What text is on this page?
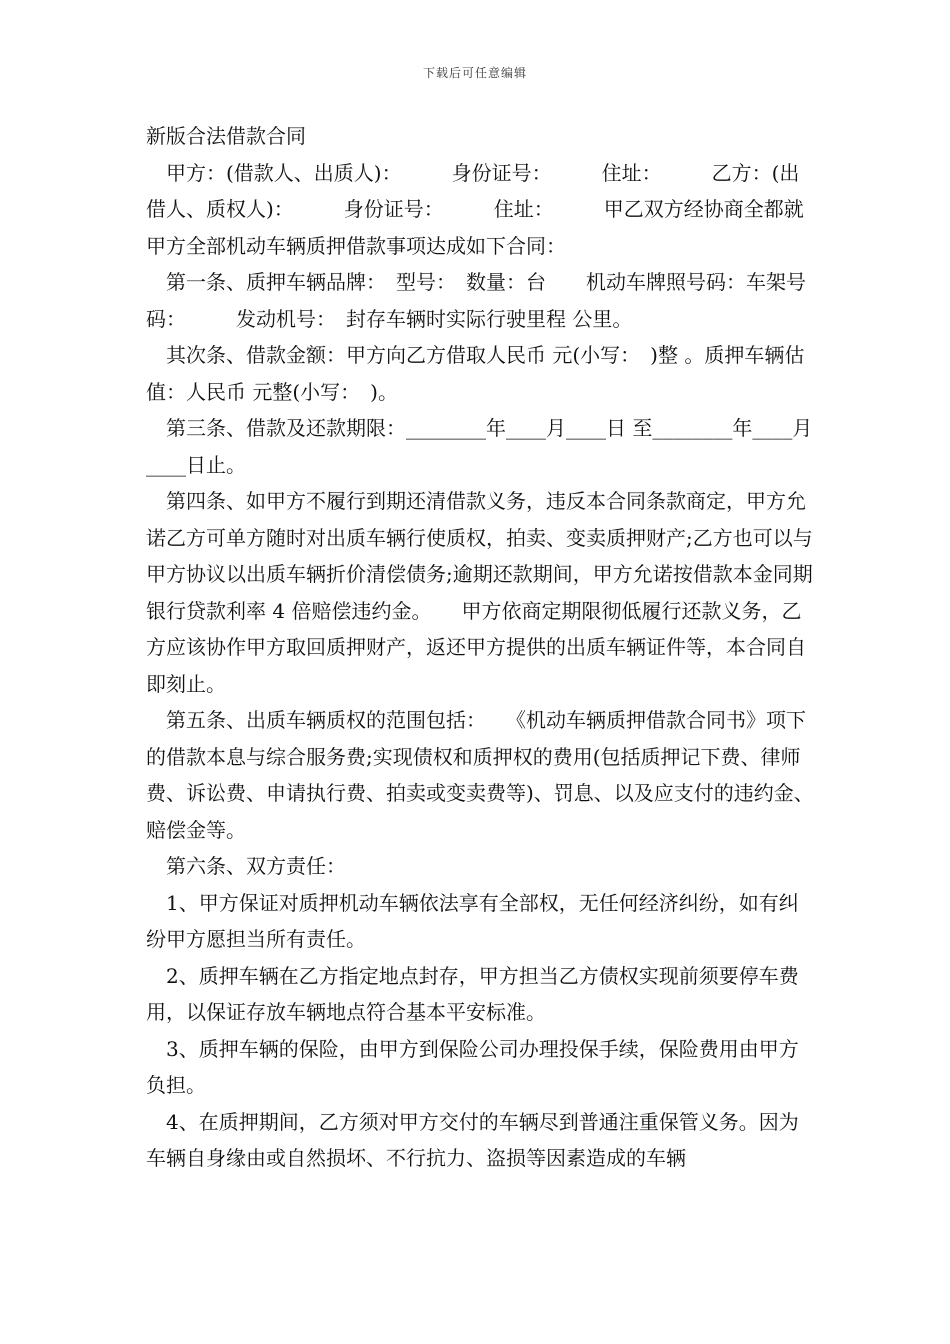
下载后可任意编辑

新版合法借款合同

甲方：(借款人、出质人)：　　　身份证号：　　　住址：　　　乙方：(出借人、质权人)：　　　身份证号：　　　住址：　　　甲乙双方经协商全都就甲方全部机动车辆质押借款事项达成如下合同：

第一条、质押车辆品牌：　型号：　数量：台　　机动车牌照号码：车架号码：　　　发动机号：　封存车辆时实际行驶里程 公里。

其次条、借款金额：甲方向乙方借取人民币 元(小写：　)整 。质押车辆估值：人民币 元整(小写：　)。

第三条、借款及还款期限：________年____月____日 至________年____月____日止。

第四条、如甲方不履行到期还清借款义务，违反本合同条款商定，甲方允诺乙方可单方随时对出质车辆行使质权，拍卖、变卖质押财产;乙方也可以与甲方协议以出质车辆折价清偿债务;逾期还款期间，甲方允诺按借款本金同期银行贷款利率 4 倍赔偿违约金。　　甲方依商定期限彻低履行还款义务，乙方应该协作甲方取回质押财产，返还甲方提供的出质车辆证件等，本合同自即刻止。

第五条、出质车辆质权的范围包括：　　《机动车辆质押借款合同书》项下的借款本息与综合服务费;实现债权和质押权的费用(包括质押记下费、律师费、诉讼费、申请执行费、拍卖或变卖费等)、罚息、以及应支付的违约金、赔偿金等。

第六条、双方责任：

1、甲方保证对质押机动车辆依法享有全部权，无任何经济纠纷，如有纠纷甲方愿担当所有责任。

2、质押车辆在乙方指定地点封存，甲方担当乙方债权实现前须要停车费用，以保证存放车辆地点符合基本平安标准。

3、质押车辆的保险，由甲方到保险公司办理投保手续，保险费用由甲方负担。

4、在质押期间，乙方须对甲方交付的车辆尽到普通注重保管义务。因为车辆自身缘由或自然损坏、不行抗力、盗损等因素造成的车辆
